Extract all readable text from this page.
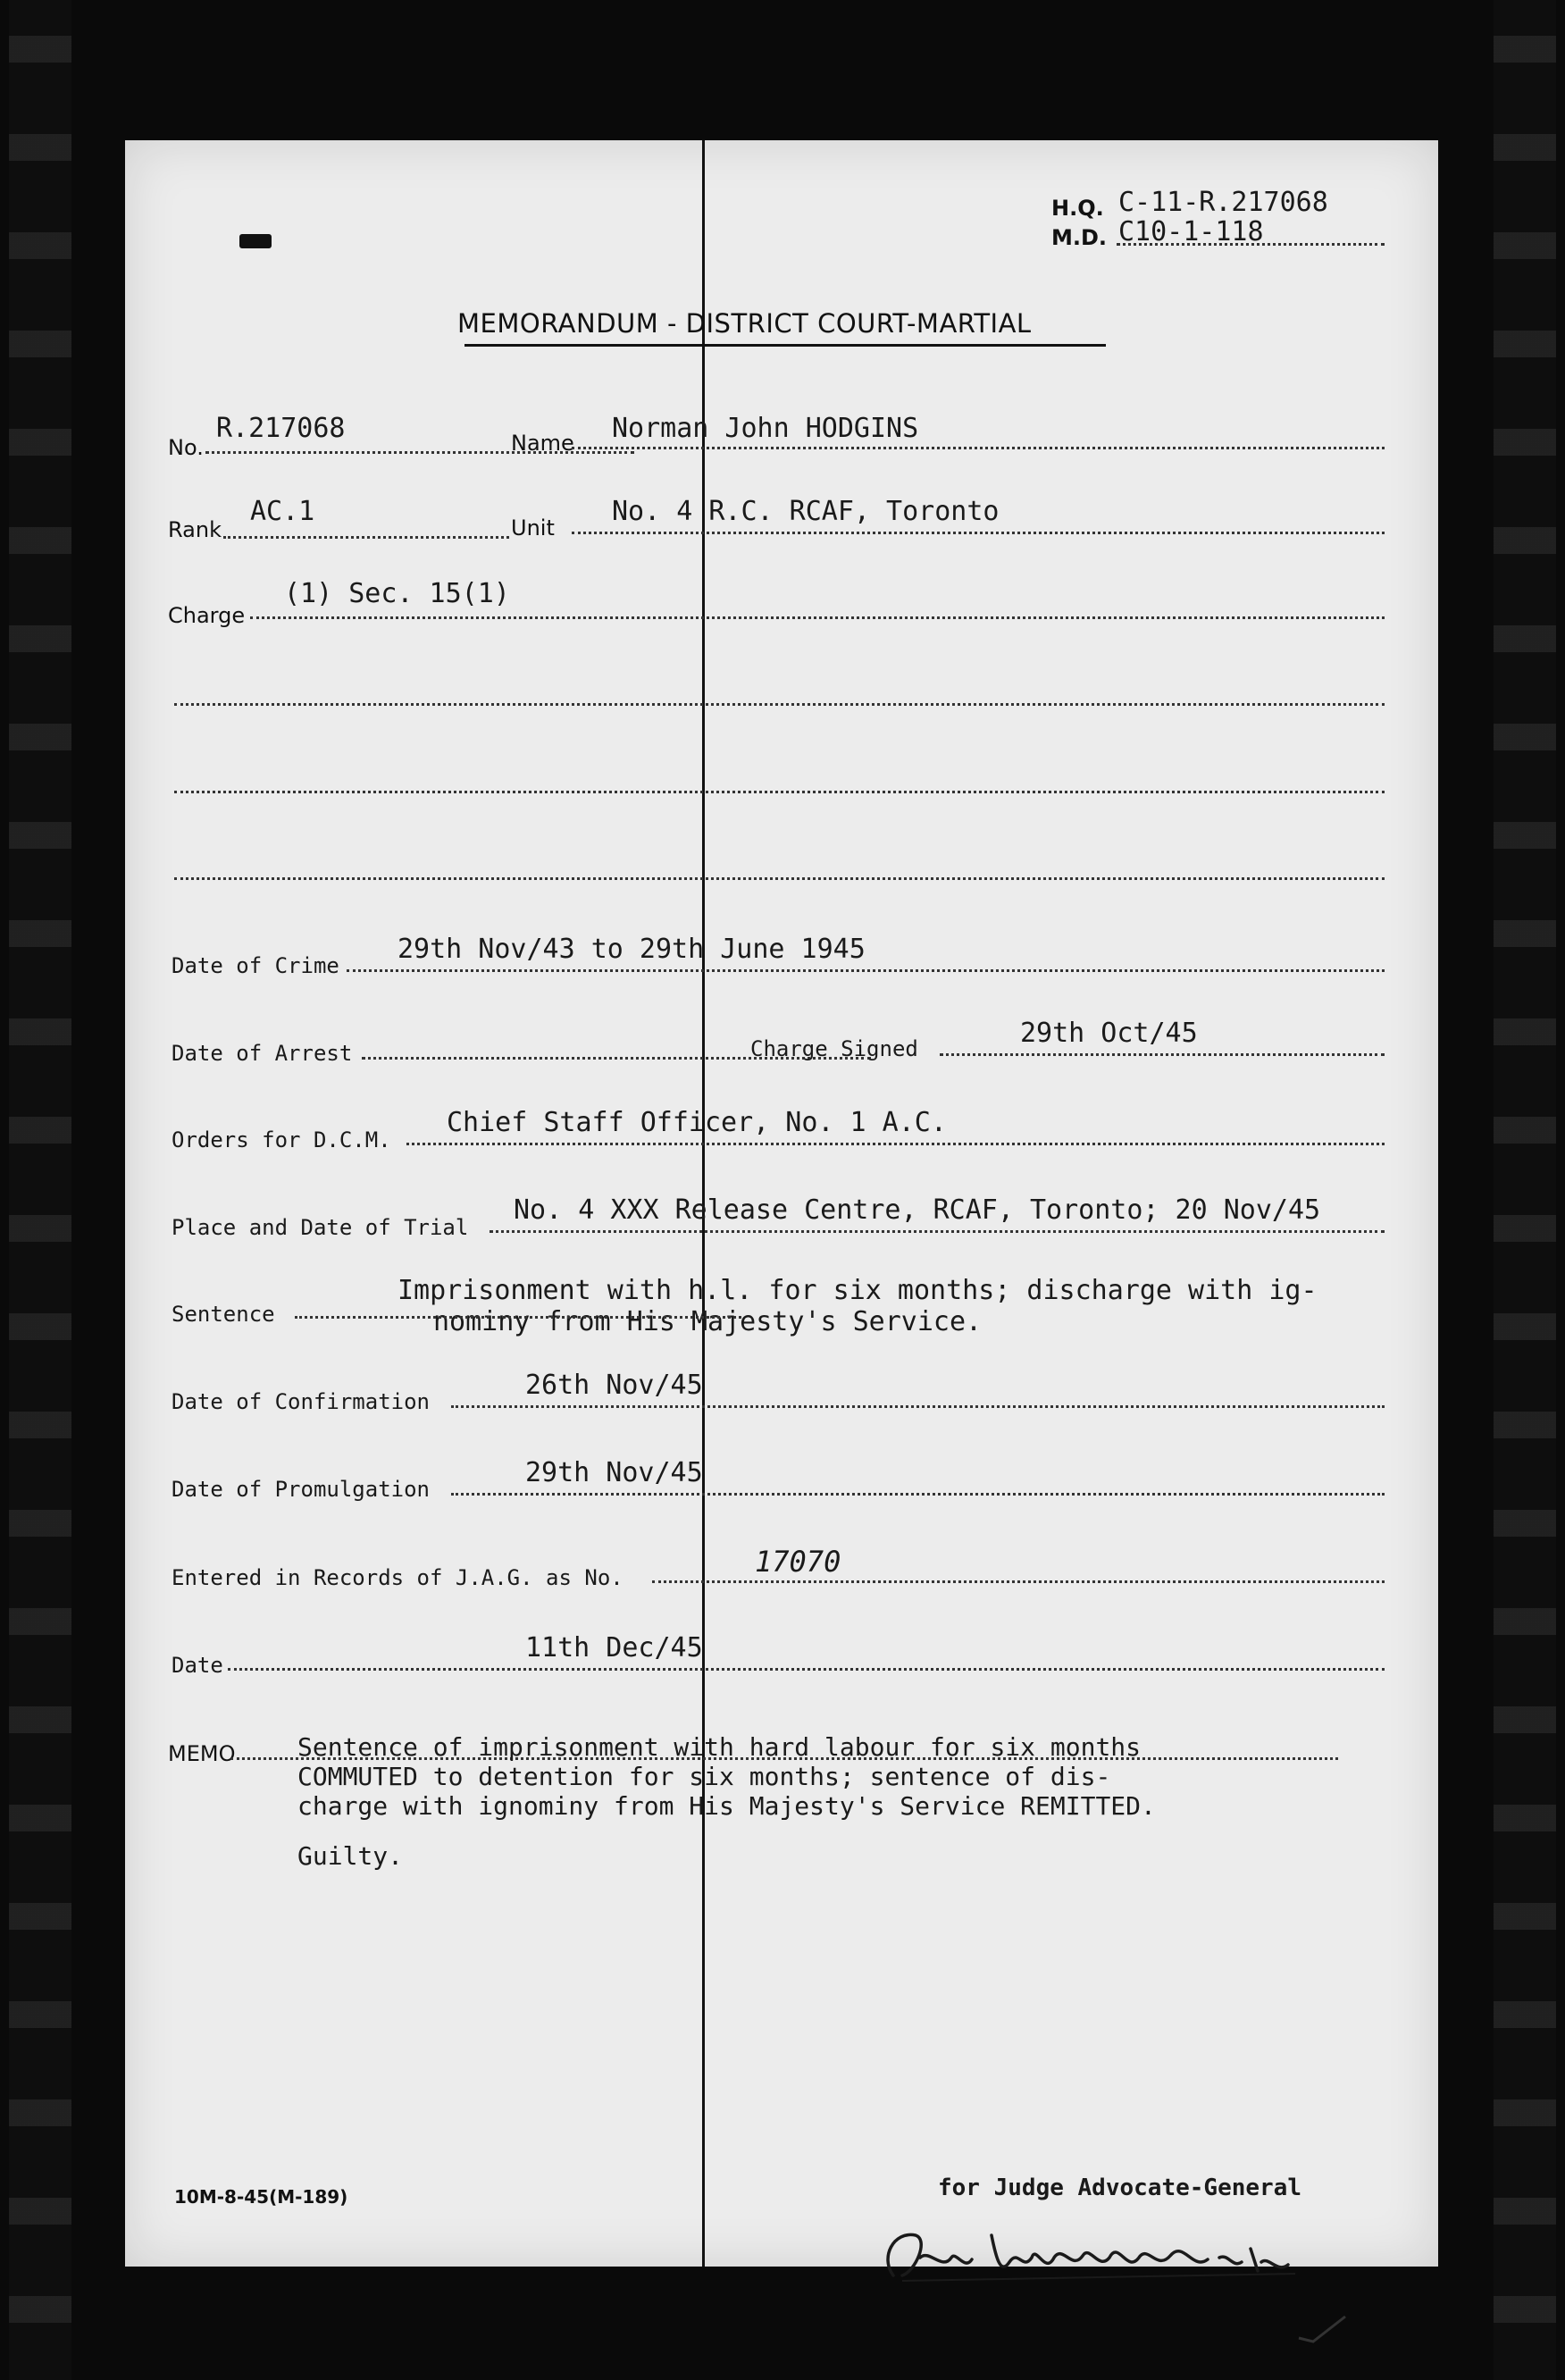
H.Q. C-11-R.217068
M.D. C10-1-118
MEMORANDUM - DISTRICT COURT-MARTIAL
No.
R.217068	Name Norman John HODGINS
Rank
AC.1
Unit
No. 4 R.C. RCAF, Toronto
Charge
(1) Sec. 15(1)
Date of Crime
29th Nov/43 to 29th June 1945
Date of Arrest	Charge Signed	29th Oct/45
Orders for D.C.M.
Chief Staff Officer, No. 1 A.C.
Place and Date of Trial
No. 4 XXX Release Centre, RCAF, Toronto; 20 Nov/45
Sentence
Imprisonment with h.l. for six months; discharge with ig-
nominy from His Majesty's Service.
Date of Confirmation
26th Nov/45
Date of Promulgation
29th Nov/45
Entered in Records of J.A.G. as No.	17070
Date
11th Dec/45
MEMO Sentence of imprisonment with hard labour for six months
COMMUTED to detention for six months; sentence of dis-
charge with ignominy from His Majesty's Service REMITTED.
Guilty.
for Judge Advocate-General
10M-8-45(M-189)
